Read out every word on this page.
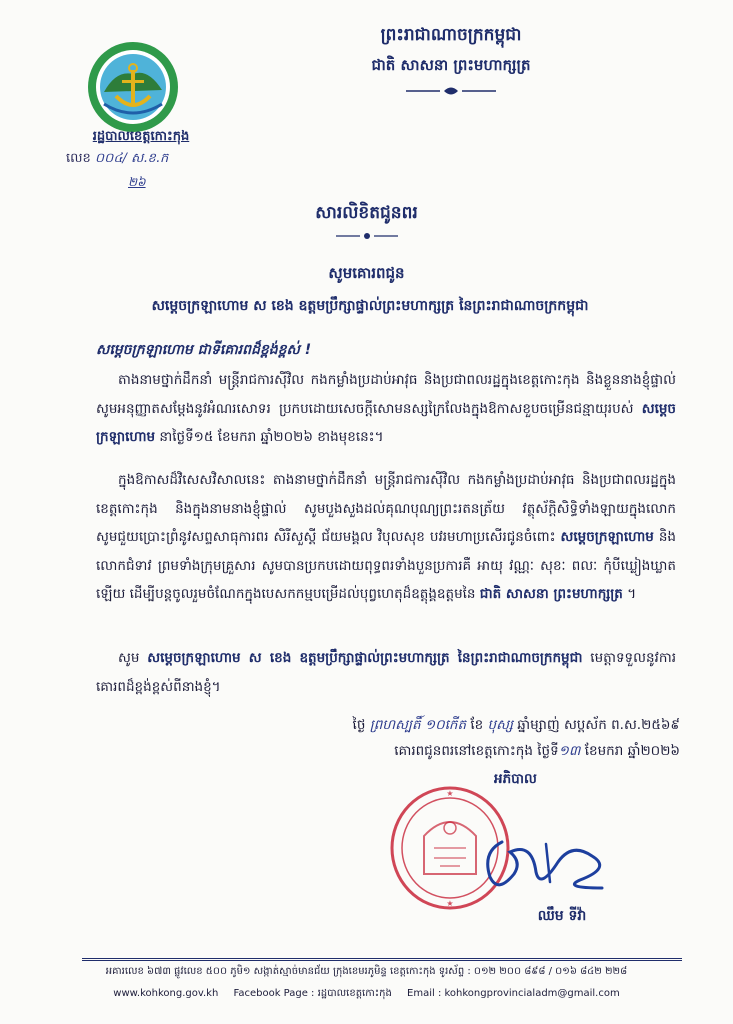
រដ្ឋបាលខេត្តកោះកុង
លេខ ០០៤/ ស.ខ.ក
២៦
ព្រះរាជាណាចក្រកម្ពុជា
ជាតិ សាសនា ព្រះមហាក្សត្រ
សារលិខិតជូនពរ
សូមគោរពជូន
សម្តេចក្រឡាហោម ស ខេង ឧត្តមប្រឹក្សាផ្ទាល់ព្រះមហាក្សត្រ នៃព្រះរាជាណាចក្រកម្ពុជា
សម្តេចក្រឡាហោម ជាទីគោរពដ៏ខ្ពង់ខ្ពស់ !
តាងនាមថ្នាក់ដឹកនាំ មន្ត្រីរាជការស៊ីវិល កងកម្លាំងប្រដាប់អាវុធ និងប្រជាពលរដ្ឋក្នុងខេត្តកោះកុង និងខ្លួននាងខ្ញុំផ្ទាល់ សូមអនុញ្ញាតសម្តែងនូវអំណរសោទរ ប្រកបដោយសេចក្តីសោមនស្សក្រៃលែងក្នុងឱកាសខួបចម្រើនជន្មាយុរបស់ សម្តេចក្រឡាហោម នាថ្ងៃទី១៥ ខែមករា ឆ្នាំ២០២៦ ខាងមុខនេះ។
ក្នុងឱកាសដ៏វិសេសវិសាលនេះ តាងនាមថ្នាក់ដឹកនាំ មន្ត្រីរាជការស៊ីវិល កងកម្លាំងប្រដាប់អាវុធ និងប្រជាពលរដ្ឋក្នុងខេត្តកោះកុង និងក្នុងនាមនាងខ្ញុំផ្ទាល់ សូមបួងសួងដល់គុណបុណ្យព្រះរតនត្រ័យ វត្ថុស័ក្តិសិទ្ធិទាំងឡាយក្នុងលោក សូមជួយប្រោះព្រំនូវសព្ទសាធុការពរ សិរីសួស្តី ជ័យមង្គល វិបុលសុខ បវរមហាប្រសើរជូនចំពោះ សម្តេចក្រឡាហោម និងលោកជំទាវ ព្រមទាំងក្រុមគ្រួសារ សូមបានប្រកបដោយពុទ្ធពរទាំងបួនប្រការគឺ អាយុ វណ្ណៈ សុខៈ ពលៈ កុំបីឃ្លៀងឃ្លាតឡើយ ដើម្បីបន្តចូលរួមចំណែកក្នុងបេសកកម្មបម្រើដល់បុព្វហេតុដ៏ឧត្តុង្គឧត្តមនៃ ជាតិ សាសនា ព្រះមហាក្សត្រ ។
សូម សម្តេចក្រឡាហោម ស ខេង ឧត្តមប្រឹក្សាផ្ទាល់ព្រះមហាក្សត្រ នៃព្រះរាជាណាចក្រកម្ពុជា មេត្តាទទួលនូវការគោរពដ៏ខ្ពង់ខ្ពស់ពីនាងខ្ញុំ។
ថ្ងៃ ព្រហស្បតិ៍ ១០កើត ខែ បុស្ស ឆ្នាំម្សាញ់ សប្តស័ក ព.ស.២៥៦៩
គោរពជូនពរនៅខេត្តកោះកុង ថ្ងៃទី១៣ ខែមករា ឆ្នាំ២០២៦
★
★
អភិបាល
ឈឹម ទីវ៉ា
អគារលេខ ៦៧៣ ផ្លូវលេខ ៥០០ ភូមិ១ សង្កាត់ស្មាច់មានជ័យ ក្រុងខេមរភូមិន្ទ ខេត្តកោះកុង ទូរស័ព្ទ : ០១២ ២០០ ៨៩៨ / ០១៦ ៨៤២ ២២៨
www.kohkong.gov.kh Facebook Page : រដ្ឋបាលខេត្តកោះកុង Email : kohkongprovincialadm@gmail.com
